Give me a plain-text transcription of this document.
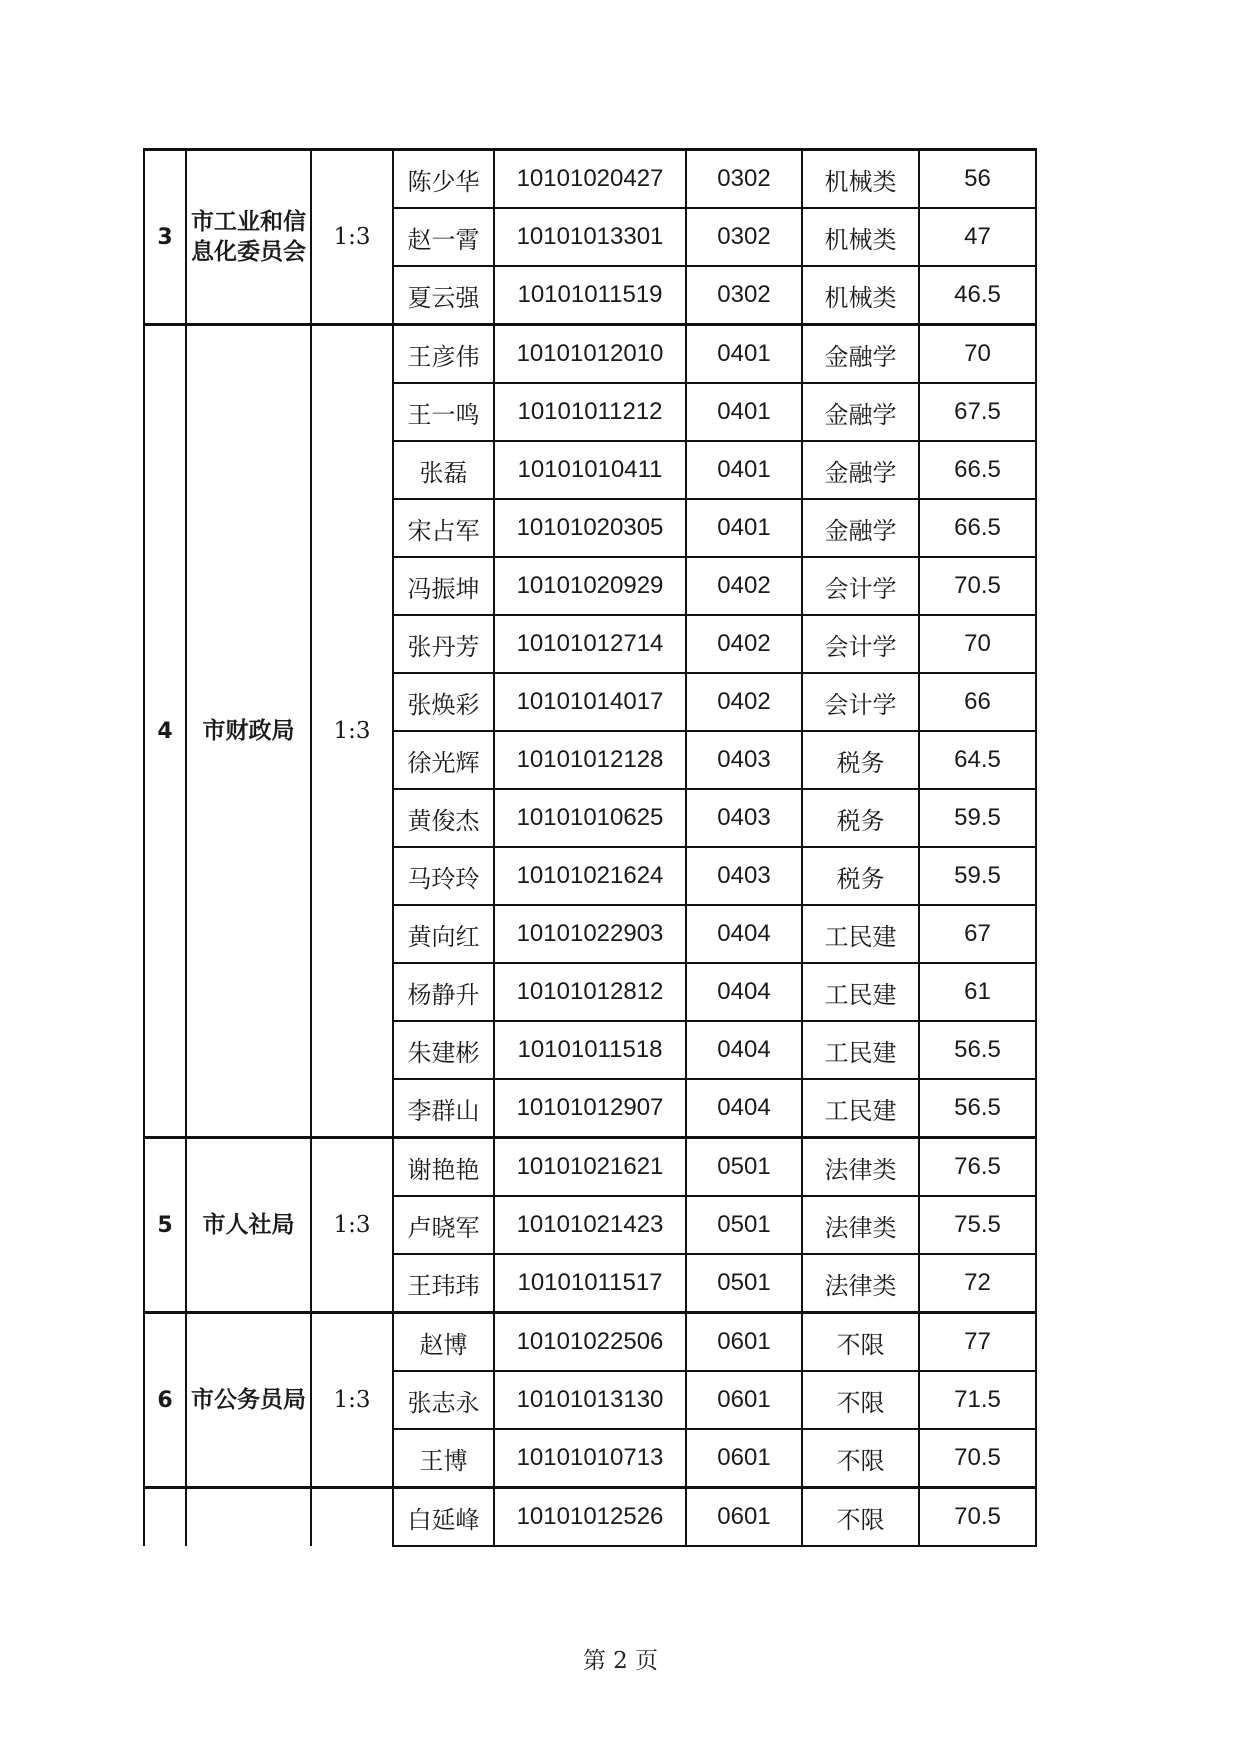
3	市工业和信息化委员会	1:3	陈少华	10101020427	0302	机械类	56
			赵一霄	10101013301	0302	机械类	47
			夏云强	10101011519	0302	机械类	46.5
4	市财政局	1:3	王彦伟	10101012010	0401	金融学	70
			王一鸣	10101011212	0401	金融学	67.5
			张磊	10101010411	0401	金融学	66.5
			宋占军	10101020305	0401	金融学	66.5
			冯振坤	10101020929	0402	会计学	70.5
			张丹芳	10101012714	0402	会计学	70
			张焕彩	10101014017	0402	会计学	66
			徐光辉	10101012128	0403	税务	64.5
			黄俊杰	10101010625	0403	税务	59.5
			马玲玲	10101021624	0403	税务	59.5
			黄向红	10101022903	0404	工民建	67
			杨静升	10101012812	0404	工民建	61
			朱建彬	10101011518	0404	工民建	56.5
			李群山	10101012907	0404	工民建	56.5
5	市人社局	1:3	谢艳艳	10101021621	0501	法律类	76.5
			卢晓军	10101021423	0501	法律类	75.5
			王玮玮	10101011517	0501	法律类	72
6	市公务员局	1:3	赵博	10101022506	0601	不限	77
			张志永	10101013130	0601	不限	71.5
			王博	10101010713	0601	不限	70.5
			白延峰	10101012526	0601	不限	70.5
第 2 页
